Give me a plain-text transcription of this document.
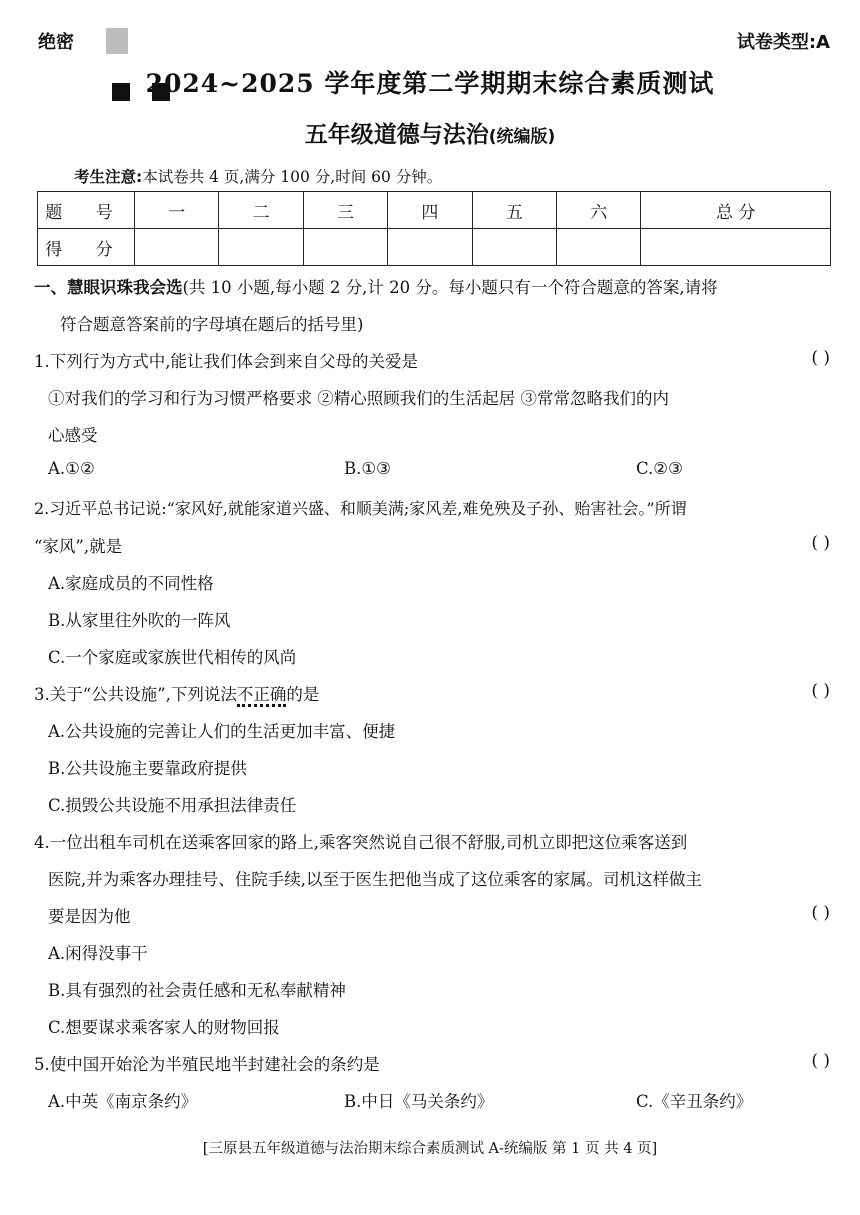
绝密	试卷类型:A
2024~2025 学年度第二学期期末综合素质测试
五年级道德与法治(统编版)
考生注意:本试卷共 4 页,满分 100 分,时间 60 分钟。
题 号	一	二	三	四	五	六	总 分
得 分							
一、慧眼识珠我会选(共 10 小题,每小题 2 分,计 20 分。每小题只有一个符合题意的答案,请将
符合题意答案前的字母填在题后的括号里)
1.下列行为方式中,能让我们体会到来自父母的关爱是	( )
①对我们的学习和行为习惯严格要求 ②精心照顾我们的生活起居 ③常常忽略我们的内
心感受
A.①②	B.①③	C.②③
2.习近平总书记说:“家风好,就能家道兴盛、和顺美满;家风差,难免殃及子孙、贻害社会。”所谓
“家风”,就是	( )
A.家庭成员的不同性格
B.从家里往外吹的一阵风
C.一个家庭或家族世代相传的风尚
3.关于“公共设施”,下列说法不正确的是	( )
A.公共设施的完善让人们的生活更加丰富、便捷
B.公共设施主要靠政府提供
C.损毁公共设施不用承担法律责任
4.一位出租车司机在送乘客回家的路上,乘客突然说自己很不舒服,司机立即把这位乘客送到
医院,并为乘客办理挂号、住院手续,以至于医生把他当成了这位乘客的家属。司机这样做主
要是因为他	( )
A.闲得没事干
B.具有强烈的社会责任感和无私奉献精神
C.想要谋求乘客家人的财物回报
5.使中国开始沦为半殖民地半封建社会的条约是	( )
A.中英《南京条约》	B.中日《马关条约》	C.《辛丑条约》
[三原县五年级道德与法治期末综合素质测试 A-统编版 第 1 页 共 4 页]
